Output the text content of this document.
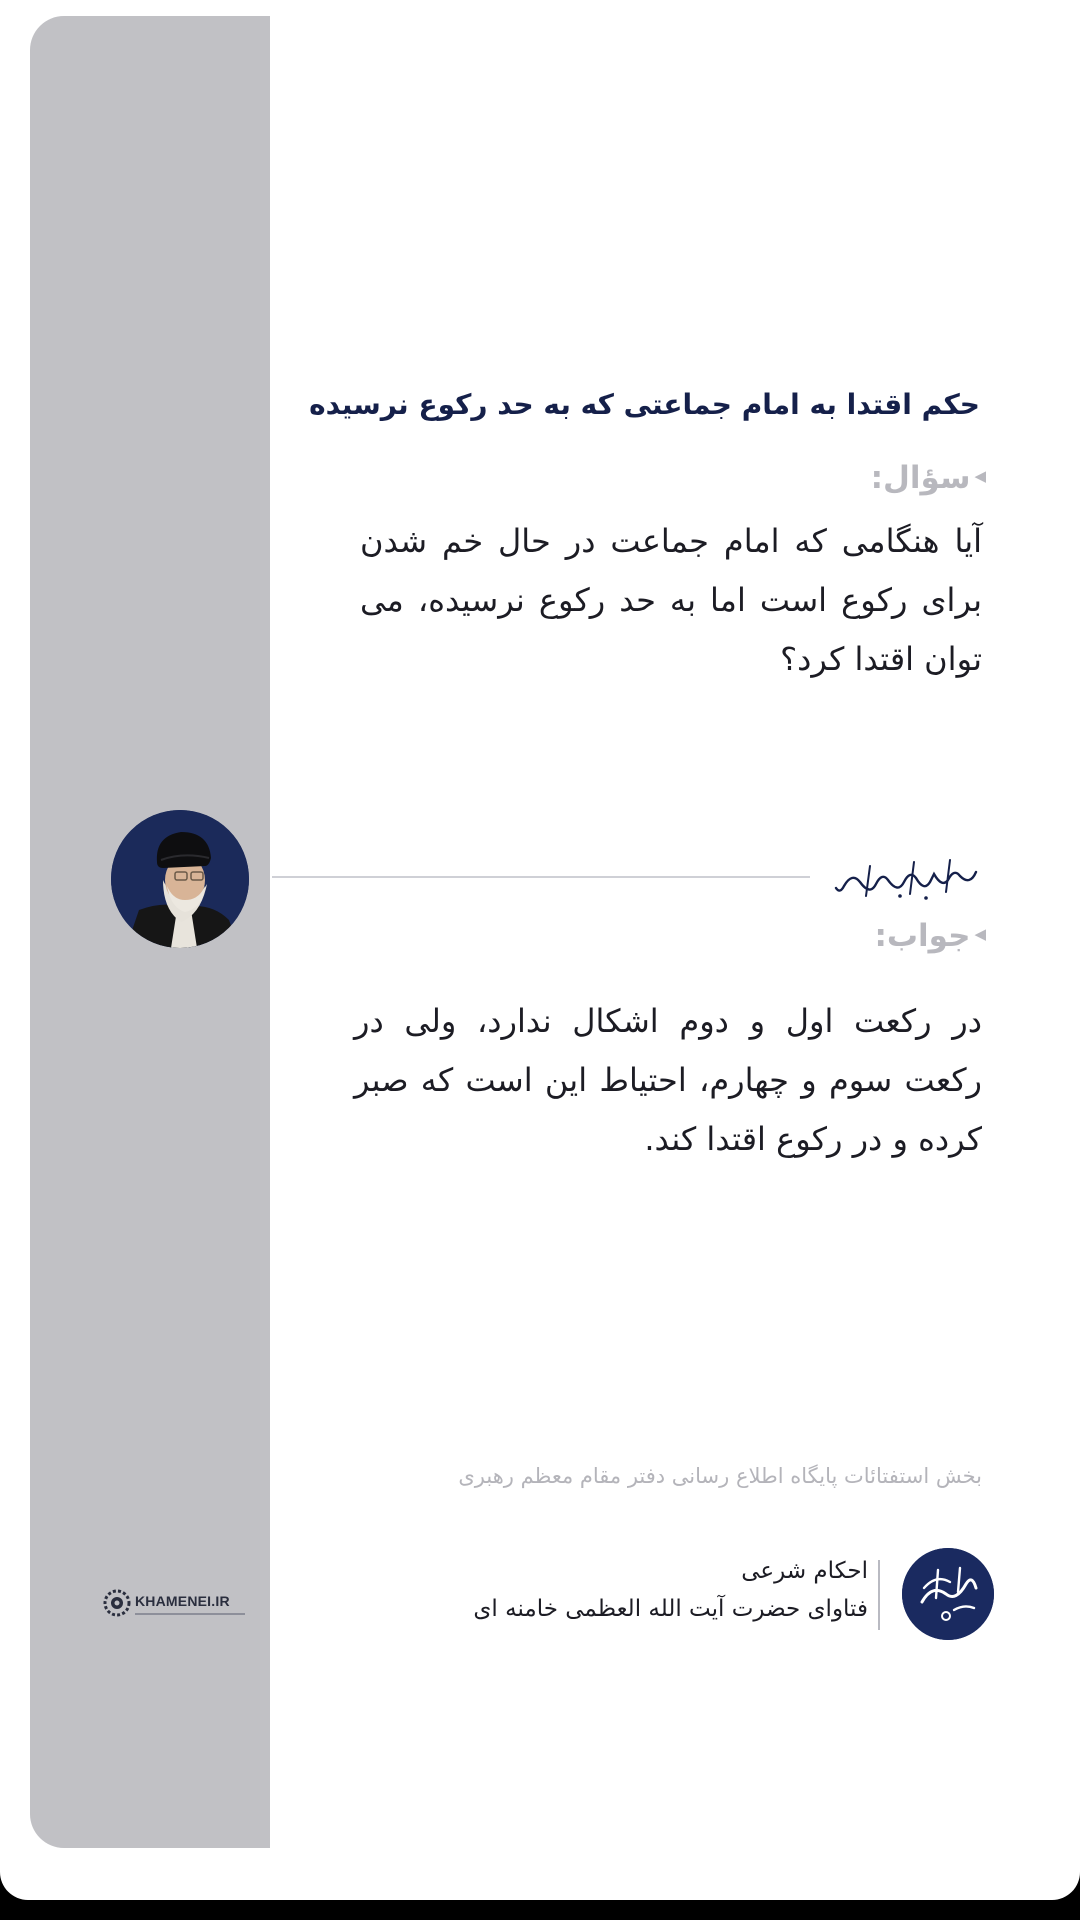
KHAMENEI.IR
حکم اقتدا به امام جماعتی که به حد رکوع نرسیده
◀
سؤال:

آیا هنگامی که امام جماعت در حال خم شدن برای رکوع است اما به حد رکوع نرسیده، می توان اقتدا کرد؟

◀
جواب:

در رکعت اول و دوم اشکال ندارد، ولی در رکعت سوم و چهارم، احتیاط این است که صبر کرده و در رکوع اقتدا کند.

بخش استفتائات پایگاه اطلاع رسانی دفتر مقام معظم رهبری

احکام شرعی

فتاوای حضرت آیت الله العظمی خامنه ای
